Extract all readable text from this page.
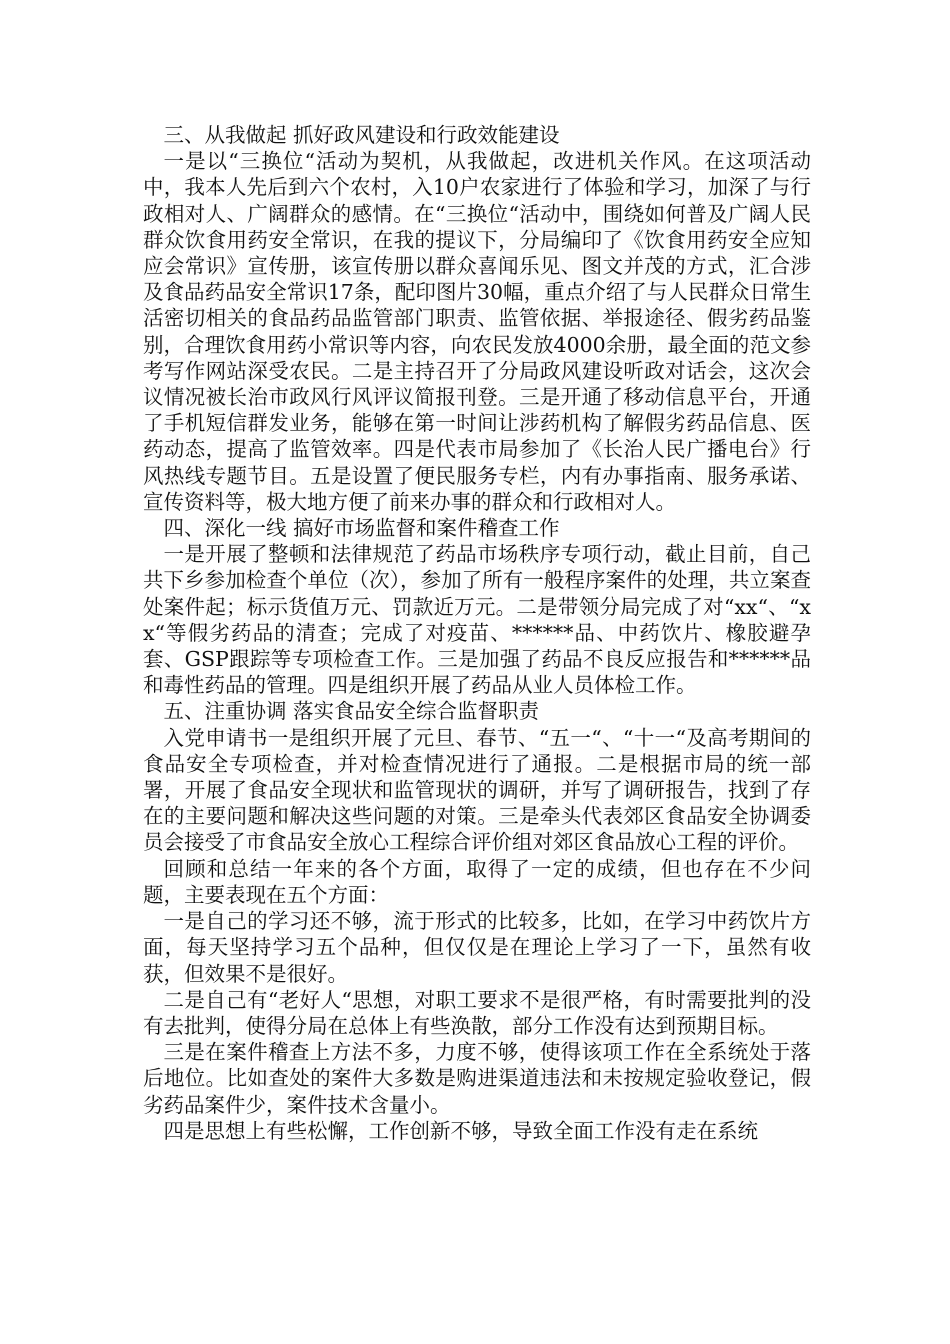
三、从我做起 抓好政风建设和行政效能建设

一是以“三换位“活动为契机，从我做起，改进机关作风。在这项活动中，我本人先后到六个农村，入10户农家进行了体验和学习，加深了与行政相对人、广阔群众的感情。在“三换位“活动中，围绕如何普及广阔人民群众饮食用药安全常识，在我的提议下，分局编印了《饮食用药安全应知应会常识》宣传册，该宣传册以群众喜闻乐见、图文并茂的方式，汇合涉及食品药品安全常识17条，配印图片30幅，重点介绍了与人民群众日常生活密切相关的食品药品监管部门职责、监管依据、举报途径、假劣药品鉴别，合理饮食用药小常识等内容，向农民发放4000余册，最全面的范文参考写作网站深受农民。二是主持召开了分局政风建设听政对话会，这次会议情况被长治市政风行风评议简报刊登。三是开通了移动信息平台，开通了手机短信群发业务，能够在第一时间让涉药机构了解假劣药品信息、医药动态，提高了监管效率。四是代表市局参加了《长治人民广播电台》行风热线专题节目。五是设置了便民服务专栏，内有办事指南、服务承诺、宣传资料等，极大地方便了前来办事的群众和行政相对人。

四、深化一线 搞好市场监督和案件稽查工作

一是开展了整顿和法律规范了药品市场秩序专项行动，截止目前，自己共下乡参加检查个单位（次），参加了所有一般程序案件的处理，共立案查处案件起；标示货值万元、罚款近万元。二是带领分局完成了对“xx“、“xx“等假劣药品的清查；完成了对疫苗、******品、中药饮片、橡胶避孕套、GSP跟踪等专项检查工作。三是加强了药品不良反应报告和******品和毒性药品的管理。四是组织开展了药品从业人员体检工作。

五、注重协调 落实食品安全综合监督职责

入党申请书一是组织开展了元旦、春节、“五一“、“十一“及高考期间的食品安全专项检查，并对检查情况进行了通报。二是根据市局的统一部署，开展了食品安全现状和监管现状的调研，并写了调研报告，找到了存在的主要问题和解决这些问题的对策。三是牵头代表郊区食品安全协调委员会接受了市食品安全放心工程综合评价组对郊区食品放心工程的评价。

回顾和总结一年来的各个方面，取得了一定的成绩，但也存在不少问题，主要表现在五个方面：

一是自己的学习还不够，流于形式的比较多，比如，在学习中药饮片方面，每天坚持学习五个品种，但仅仅是在理论上学习了一下，虽然有收获，但效果不是很好。

二是自己有“老好人“思想，对职工要求不是很严格，有时需要批判的没有去批判，使得分局在总体上有些涣散，部分工作没有达到预期目标。

三是在案件稽查上方法不多，力度不够，使得该项工作在全系统处于落后地位。比如查处的案件大多数是购进渠道违法和未按规定验收登记，假劣药品案件少，案件技术含量小。

四是思想上有些松懈，工作创新不够，导致全面工作没有走在系统
